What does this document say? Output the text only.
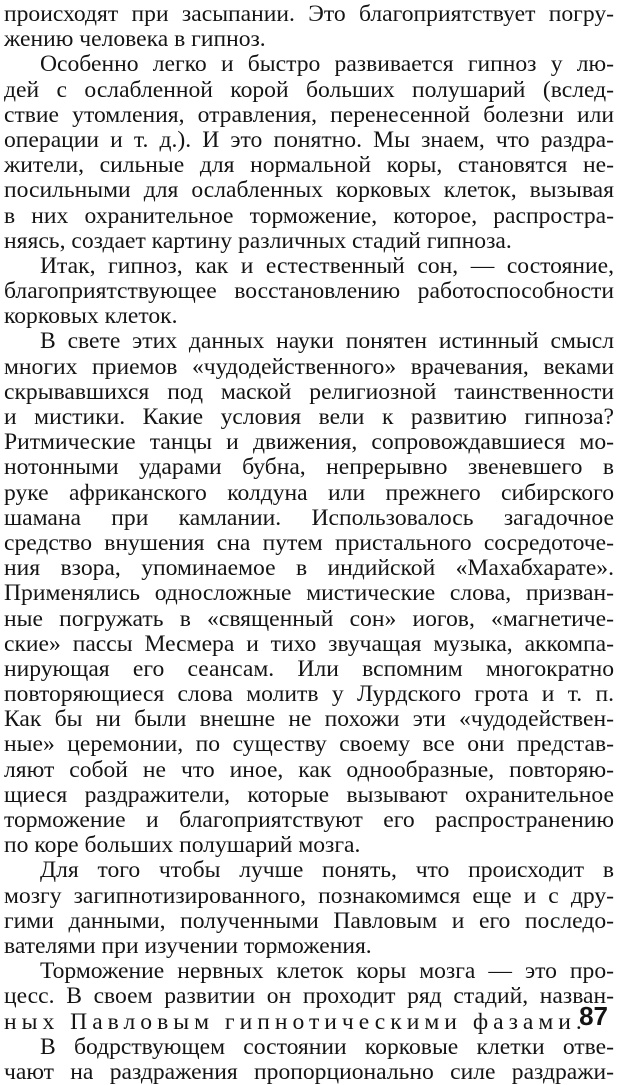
происходят при засыпании. Это благоприятствует погру-
жению человека в гипноз.
Особенно легко и быстро развивается гипноз у лю-
дей с ослабленной корой больших полушарий (вслед-
ствие утомления, отравления, перенесенной болезни или
операции и т. д.). И это понятно. Мы знаем, что раздра-
жители, сильные для нормальной коры, становятся не-
посильными для ослабленных корковых клеток, вызывая
в них охранительное торможение, которое, распростра-
няясь, создает картину различных стадий гипноза.
Итак, гипноз, как и естественный сон, — состояние,
благоприятствующее восстановлению работоспособности
корковых клеток.
В свете этих данных науки понятен истинный смысл
многих приемов «чудодейственного» врачевания, веками
скрывавшихся под маской религиозной таинственности
и мистики. Какие условия вели к развитию гипноза?
Ритмические танцы и движения, сопровождавшиеся мо-
нотонными ударами бубна, непрерывно звеневшего в
руке африканского колдуна или прежнего сибирского
шамана при камлании. Использовалось загадочное
средство внушения сна путем пристального сосредоточе-
ния взора, упоминаемое в индийской «Махабхарате».
Применялись односложные мистические слова, призван-
ные погружать в «священный сон» иогов, «магнетиче-
ские» пассы Месмера и тихо звучащая музыка, аккомпа-
нирующая его сеансам. Или вспомним многократно
повторяющиеся слова молитв у Лурдского грота и т. п.
Как бы ни были внешне не похожи эти «чудодействен-
ные» церемонии, по существу своему все они представ-
ляют собой не что иное, как однообразные, повторяю-
щиеся раздражители, которые вызывают охранительное
торможение и благоприятствуют его распространению
по коре больших полушарий мозга.
Для того чтобы лучше понять, что происходит в
мозгу загипнотизированного, познакомимся еще и с дру-
гими данными, полученными Павловым и его последо-
вателями при изучении торможения.
Торможение нервных клеток коры мозга — это про-
цесс. В своем развитии он проходит ряд стадий, назван-
ных Павловым гипнотическими фазами.
В бодрствующем состоянии корковые клетки отве-
чают на раздражения пропорционально силе раздражи-
87
